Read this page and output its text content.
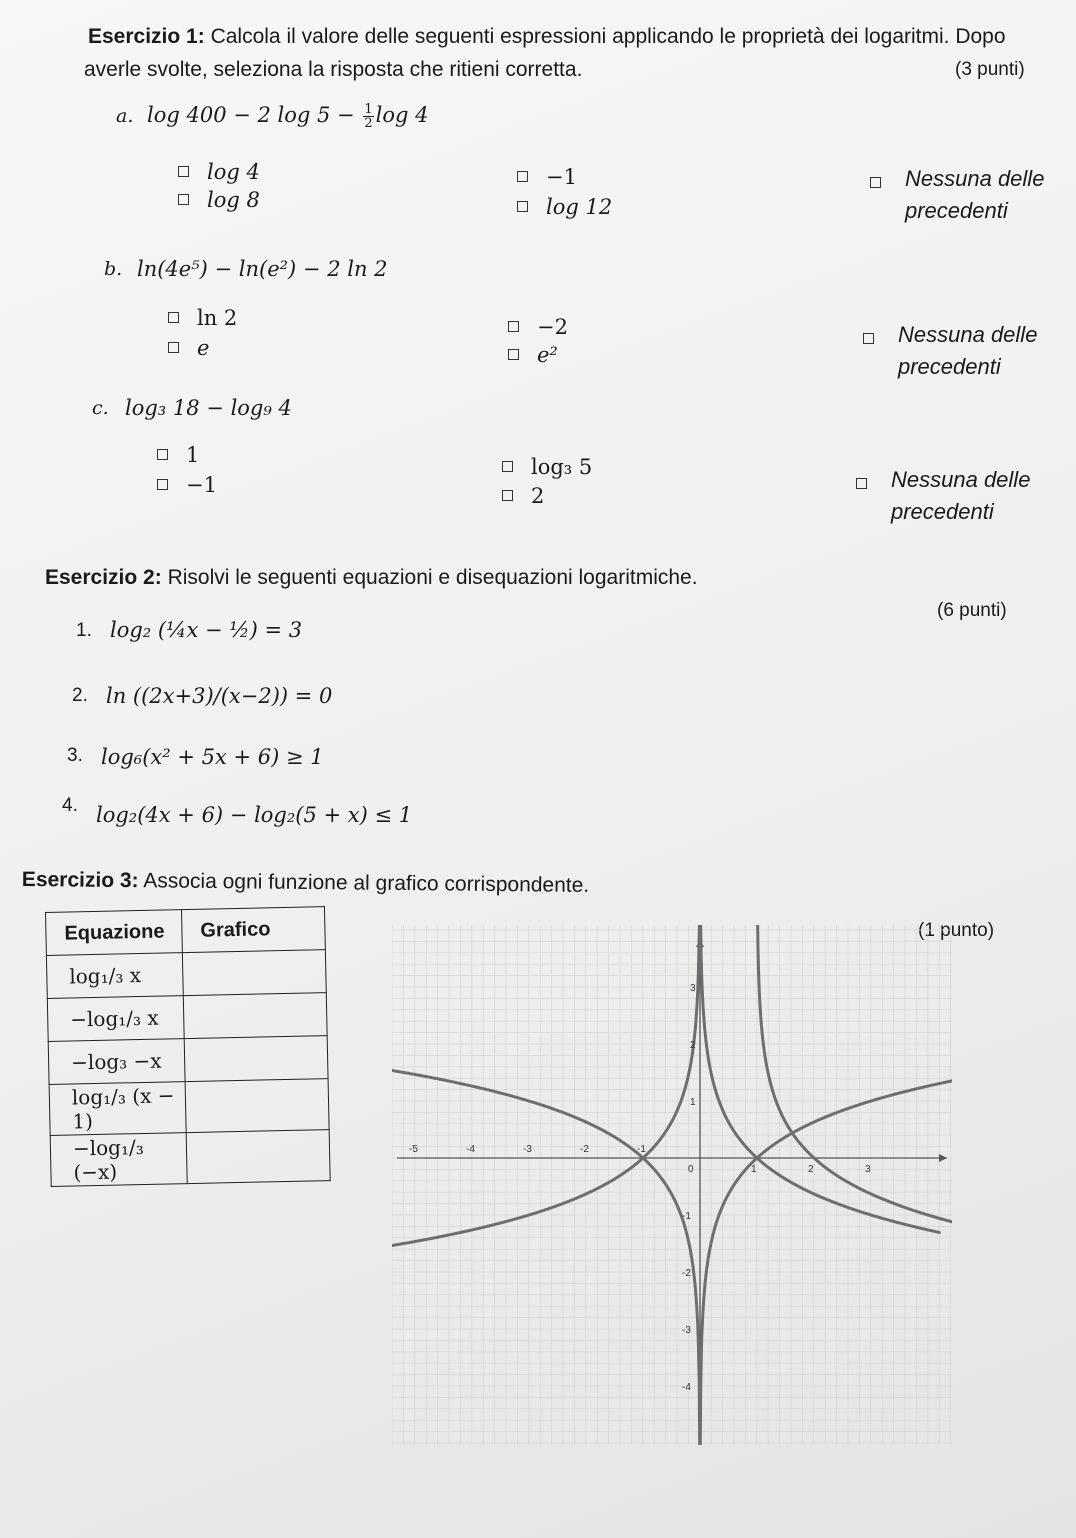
Esercizio 1: Calcola il valore delle seguenti espressioni applicando le proprietà dei logaritmi. Dopo
averle svolte, seleziona la risposta che ritieni corretta.	(3 punti)
a. log 400 − 2 $\log 5 - \frac{1}{2}$ log 4
log 4
log 8
−1
log 12
Nessuna delle precedenti
b. ln(4e⁵) − ln(e²) − 2 ln 2
ln 2
e
−2
e²
Nessuna delle precedenti
c. log₃ 18 − log₉ 4
1
−1
log₃ 5
2
Nessuna delle precedenti
Esercizio 2: Risolvi le seguenti equazioni e disequazioni logaritmiche.
(6 punti)
1. log₂ (¼x − ½) = 3
2. ln ((2x+3)/(x−2)) = 0
3. log₆(x² + 5x + 6) ≥ 1
4. log₂(4x + 6) − log₂(5 + x) ≤ 1
Esercizio 3: Associa ogni funzione al grafico corrispondente.
(1 punto)
Equazione	Grafico
log₁/₃ x	
−log₁/₃ x	
−log₃ −x	
log₁/₃ (x − 1)	
−log₁/₃ (−x)	
-5	-4	-3	-2	-1
0	1	2	3
3
2
1
-1
-2
-3
-4
